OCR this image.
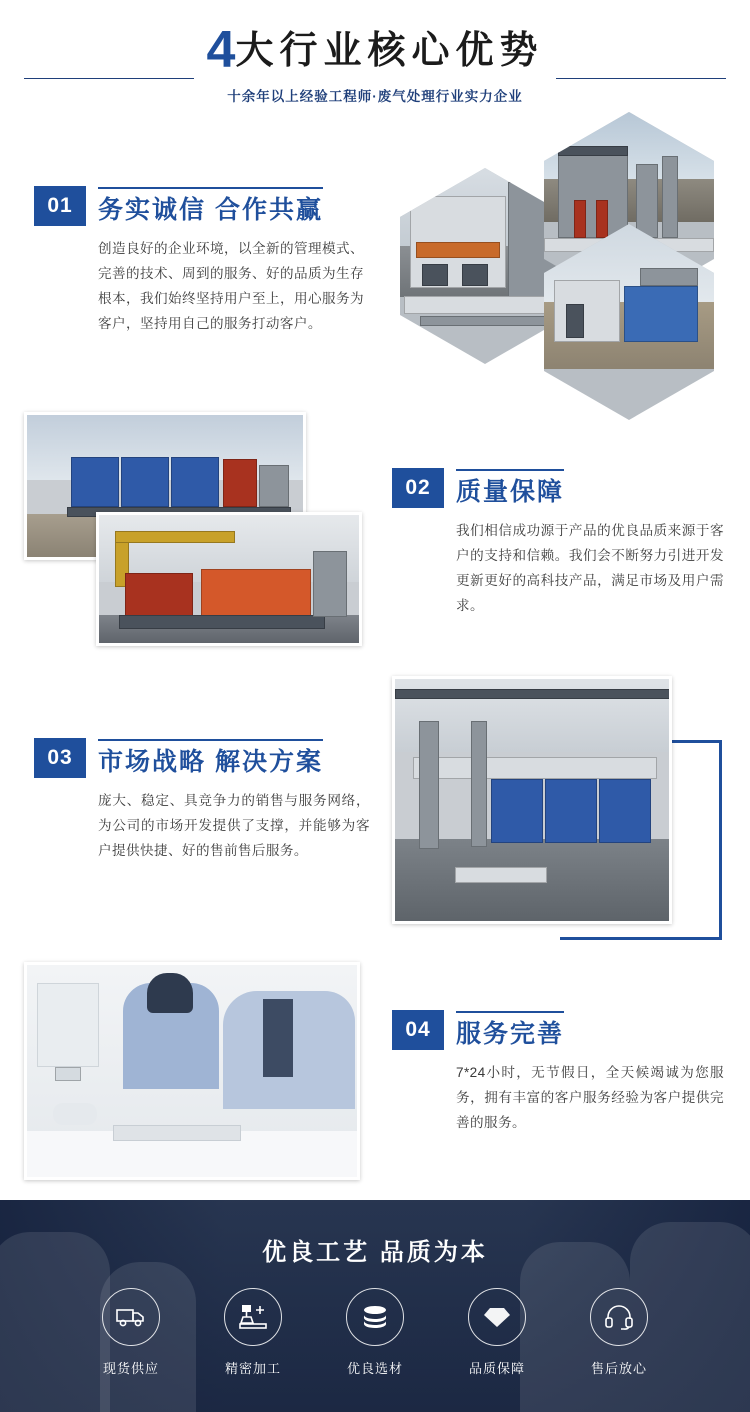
4大行业核心优势
十余年以上经验工程师·废气处理行业实力企业
01	务实诚信 合作共赢
创造良好的企业环境，以全新的管理模式、完善的技术、周到的服务、好的品质为生存根本，我们始终坚持用户至上，用心服务为客户，坚持用自己的服务打动客户。
02	质量保障
我们相信成功源于产品的优良品质来源于客户的支持和信赖。我们会不断努力引进开发更新更好的高科技产品，满足市场及用户需求。
03	市场战略 解决方案
庞大、稳定、具竞争力的销售与服务网络，为公司的市场开发提供了支撑，并能够为客户提供快捷、好的售前售后服务。
04	服务完善
7*24小时，无节假日，全天候竭诚为您服务，拥有丰富的客户服务经验为客户提供完善的服务。
优良工艺 品质为本
现货供应	精密加工	优良选材	品质保障	售后放心
